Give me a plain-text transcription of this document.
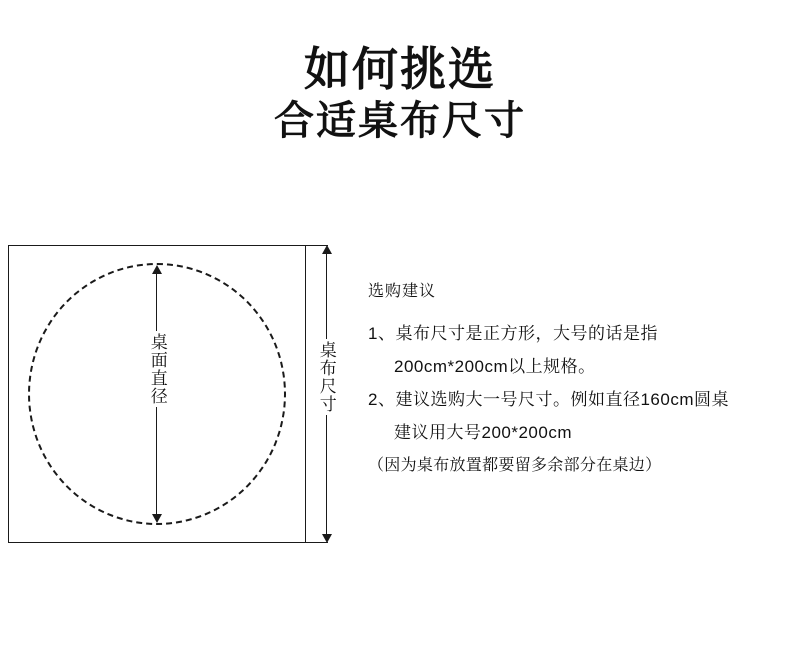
如何挑选
合适桌布尺寸
桌面直径	桌布尺寸
选购建议
1、桌布尺寸是正方形，大号的话是指
200cm*200cm以上规格。
2、建议选购大一号尺寸。例如直径160cm圆桌
建议用大号200*200cm
（因为桌布放置都要留多余部分在桌边）
